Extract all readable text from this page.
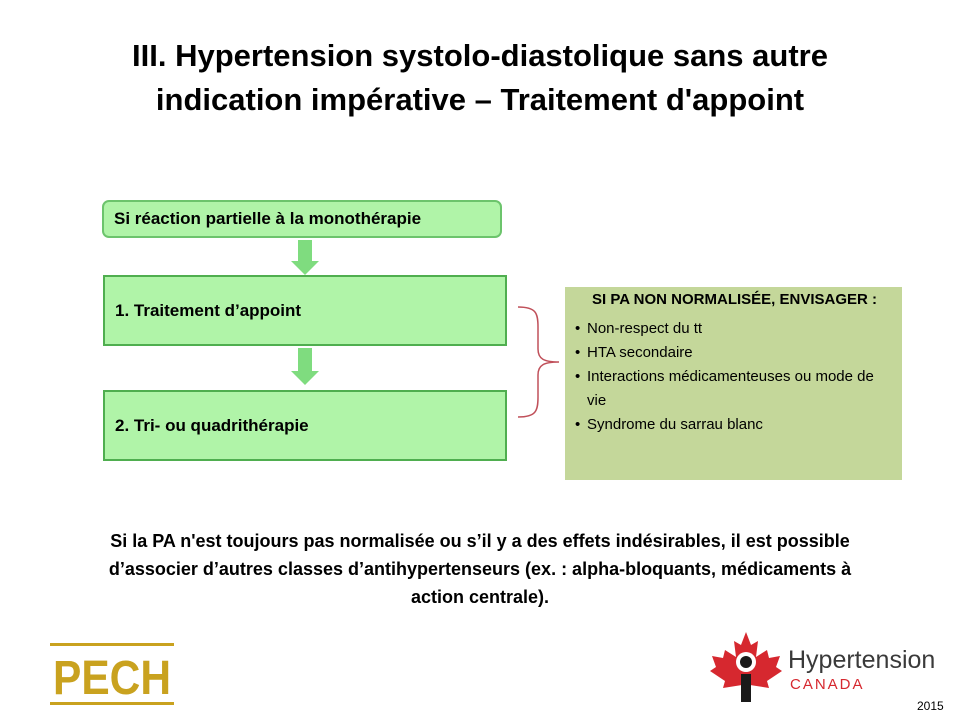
III. Hypertension systolo-diastolique sans autre
indication impérative – Traitement d'appoint
Si réaction partielle à la monothérapie
1. Traitement d’appoint
2. Tri- ou quadrithérapie
SI PA NON NORMALISÉE, ENVISAGER :
• Non-respect du tt
• HTA secondaire
• Interactions médicamenteuses ou mode de vie
• Syndrome du sarrau blanc
Si la PA n'est toujours pas normalisée ou s’il y a des effets indésirables, il est possible d’associer d’autres classes d’antihypertenseurs (ex. : alpha-bloquants, médicaments à action centrale).
PECH	Hypertension
CANADA
2015
